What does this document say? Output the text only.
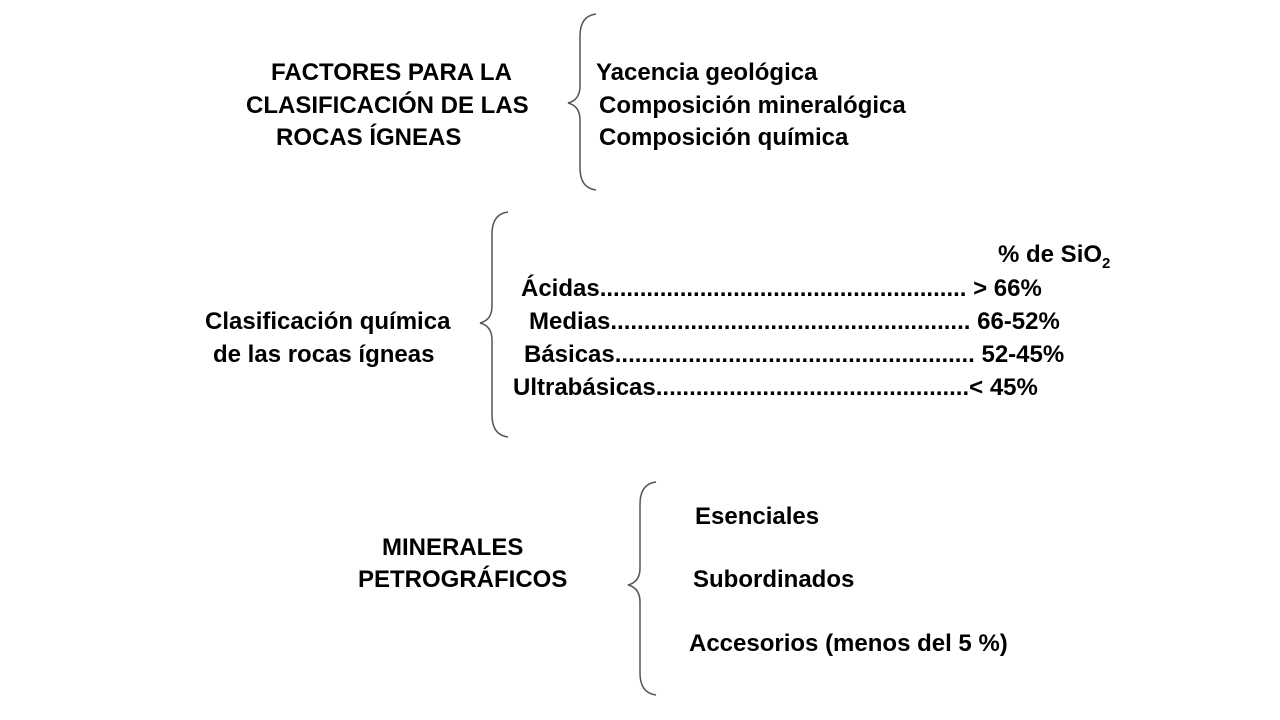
FACTORES PARA LA
CLASIFICACIÓN DE LAS
ROCAS ÍGNEAS
Yacencia geológica
Composición mineralógica
Composición química
Clasificación química
de las rocas ígneas
% de SiO$_2$
Ácidas....................................................... > 66%
Medias...................................................... 66-52%
Básicas...................................................... 52-45%
Ultrabásicas...............................................< 45%
MINERALES
PETROGRÁFICOS
Esenciales
Subordinados
Accesorios (menos del 5 %)
